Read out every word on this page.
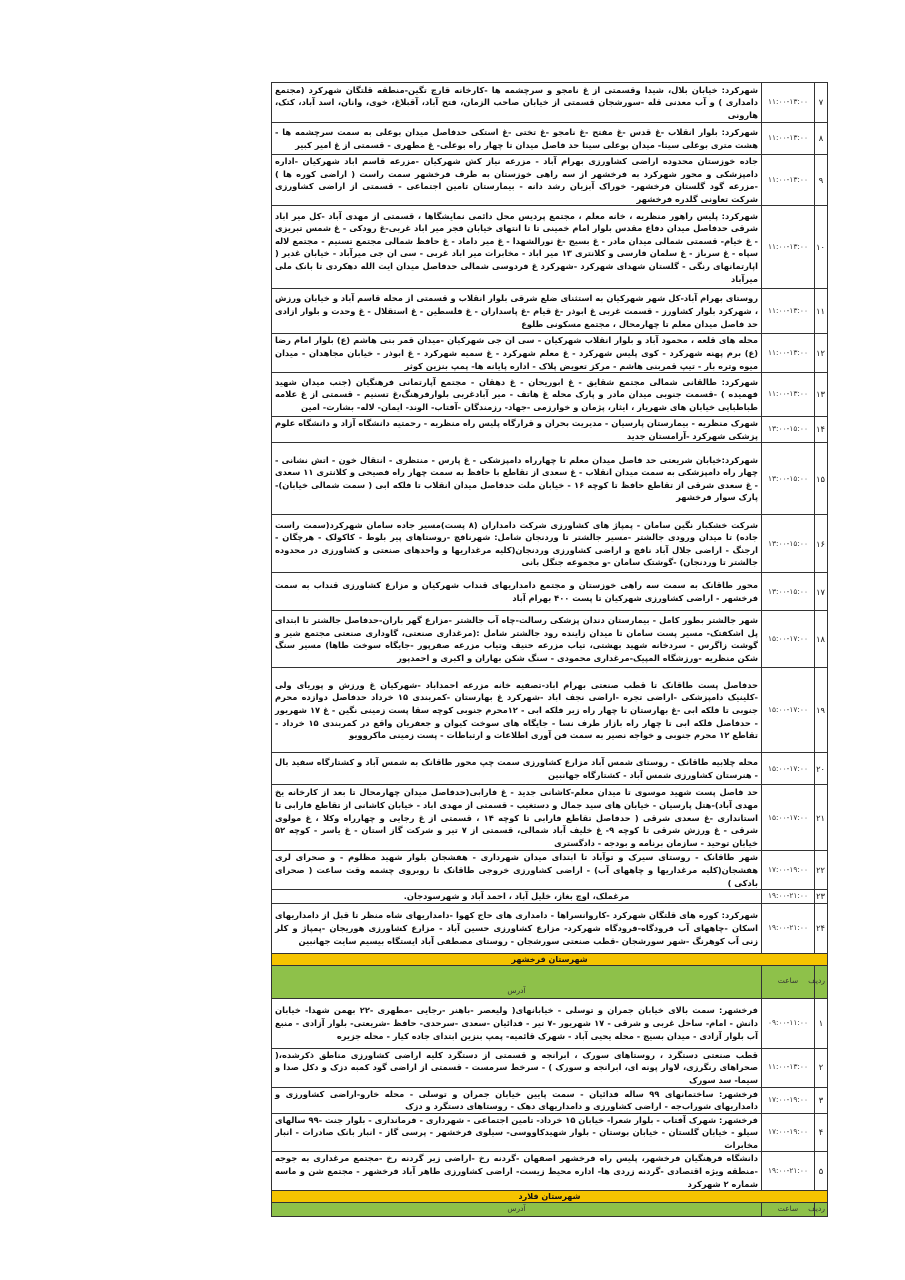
۷	۱۱:۰۰-۱۳:۰۰	شهرکرد: خیابان بلال، شیدا وقسمتی از غ نامجو و سرچشمه ها -کارخانه قارچ تگین-منطقه قلتگان شهرکرد (مجتمع دامداری ) و آب معدنی قله -سورشجان قسمتی از خیابان صاحب الزمان، فتح آباد، آقبلاغ، خوی، وانان، اسد آباد، کتک، هارونی
۸	۱۱:۰۰-۱۳:۰۰	شهرکرد: بلوار انقلاب -غ قدس -غ مفتح -غ نامجو -غ تختی -غ استکی حدفاصل میدان بوعلی به سمت سرچشمه ها - هشت متری بوعلی سینا- میدان بوعلی سینا حد فاصل میدان تا چهار راه بوعلی- غ مطهری - قسمتی از غ امیر کبیر
۹	۱۱:۰۰-۱۳:۰۰	جاده خوزستان محدوده اراضی کشاورزی بهرام آباد - مزرعه نیاز کش شهرکیان -مزرعه قاسم اباد شهرکیان -اداره دامپزشکی و محور شهرکرد به فرخشهر از سه راهی خوزستان به طرف فرخشهر سمت راست ( اراضی کوره ها ) -مزرعه گود گلستان فرخشهر- خوراک آبزیان رشد دانه - بیمارستان تامین اجتماعی - قسمتی از اراضی کشاورزی شرکت تعاونی گلدره فرخشهر
۱۰	۱۱:۰۰-۱۳:۰۰	شهرکرد: پلیس راهور منظریه ، خانه معلم ، مجتمع پردیس محل دائمی نمایشگاها ، قسمتی از مهدی آباد -کل میر اباد شرقی حدفاصل میدان دفاع مقدس بلوار امام خمینی تا تا انتهای خیابان فجر میر اباد غربی-غ رودکی - غ شمس تبریزی - غ خیام- قسمتی شمالی میدان مادر - غ بسیج -غ نورالشهدا - غ میر داماد - غ حافظ شمالی مجتمع تسنیم - مجتمع لاله سپاه - غ سرباز - غ سلمان فارسی و کلانتری ۱۳ میر اباد - مخابرات میر اباد غربی - سی ان جی میرآباد - خیابان غدیر ( اپارتمانهای رنگی - گلستان شهدای شهرکرد -شهرکرد غ فردوسی شمالی حدفاصل میدان ایت الله دهکردی تا بانک ملی میرآباد
۱۱	۱۱:۰۰-۱۳:۰۰	روستای بهرام آباد-کل شهر شهرکیان به استثنای ضلع شرقی بلوار انقلاب و قسمتی از محله قاسم آباد و خیابان ورزش ، شهرکرد بلوار کشاورز - قسمت غربی غ ابوذر -غ قیام -غ پاسداران - غ فلسطین - غ استقلال - غ وحدت و بلوار ازادی حد فاصل میدان معلم تا چهارمحال ، مجتمع مسکونی طلوع
۱۲	۱۱:۰۰-۱۳:۰۰	محله های قلعه ، محمود آباد و بلوار انقلاب شهرکیان - سی ان جی شهرکیان -میدان قمر بنی هاشم (ع) بلوار امام رضا (ع) برم پهنه شهرکرد - کوی پلیس شهرکرد - غ معلم شهرکرد - غ سمیه شهرکرد - غ ابوذر - خیابان مجاهدان - میدان میوه وتره بار - تیپ قمربنی هاشم - مرکز تعویض پلاک - اداره پایانه ها- پمپ بنزین کوثر
۱۳	۱۱:۰۰-۱۳:۰۰	شهرکرد: طالقانی شمالی مجتمع شقایق - غ ابوریحان - غ دهقان - مجتمع آپارتمانی فرهنگیان (جنب میدان شهید فهمیده ) -قسمت جنوبی میدان مادر و پارک محله غ هاتف - میر آبادغربی بلوارفرهنگ،غ تسنیم - قسمتی از غ علامه طباطبایی خیابان های شهریار ، ایثار، پژمان و خوارزمی -جهاد- رزمندگان -آفتاب- الوند- ایمان- لاله- بشارت- امین
۱۴	۱۳:۰۰-۱۵:۰۰	شهرک منظریه - بیمارستان پارسیان - مدیریت بحران و قرارگاه پلیس راه منظریه - رحمتیه دانشگاه آزاد و دانشگاه علوم پزشکی شهرکرد -آرامستان جدید
۱۵	۱۳:۰۰-۱۵:۰۰	شهرکرد:خیابان شریعتی حد فاصل میدان معلم تا چهارراه دامپزشکی - غ پارس - منتظری - انتقال خون - اتش نشانی - چهار راه دامپزشکی به سمت میدان انقلاب - غ سعدی از تقاطع با حافظ به سمت چهار راه فصیحی و کلانتری ۱۱ سعدی - غ سعدی شرقی از تقاطع حافظ تا کوچه ۱۶ - خیابان ملت حدفاصل میدان انقلاب تا فلکه ابی ( سمت شمالی خیابان)- پارک سوار فرخشهر
۱۶	۱۳:۰۰-۱۵:۰۰	شرکت خشکبار نگین سامان - پمپاژ های کشاورزی شرکت دامداران (۸ پست)مسیر جاده سامان شهرکرد(سمت راست جاده) تا میدان ورودی جالشتر -مسیر جالشتر تا وردنجان شامل: شهرنافچ -روستاهای پیر بلوط - کاکولک - هرچگان - ارجنگ - اراضی جلال آباد نافچ و اراضی کشاورزی وردنجان(کلیه مرغداریها و واحدهای صنعتی و کشاورزی در محدوده جالشتر تا وردنجان) -گوشتک سامان -و مجموعه جنگل بانی
۱۷	۱۳:۰۰-۱۵:۰۰	محور طاقانک به سمت سه راهی خوزستان و مجتمع دامداریهای قنداب شهرکیان و مزارع کشاورزی قنداب به سمت فرخشهر - اراضی کشاورزی شهرکیان تا پست ۴۰۰ بهرام آباد
۱۸	۱۵:۰۰-۱۷:۰۰	شهر جالشتر بطور کامل - بیمارستان دندان پزشکی رسالت-چاه آب جالشتر -مزارع گهر باران-حدفاصل جالشتر تا ابتدای پل اشکفتک- مسیر پست سامان تا میدان زاینده رود جالشتر شامل :(مرغداری صنعتی، گاوداری صنعتی مجتمع شیر و گوشت زاگرس - سردخانه شهید بهشتی، تیاب مزرعه حنیف وتیاب مزرعه صفرپور -جایگاه سوخت طاها) مسیر سنگ شکن منظریه -ورزشگاه المپیک-مرغداری محمودی - سنگ شکن بهاران و اکبری و احمدپور
۱۹	۱۵:۰۰-۱۷:۰۰	حدفاصل پست طاقانک تا قطب صنعتی بهرام اباد-تصفیه خانه مزرعه احمداباد -شهرکیان غ ورزش و پوریای ولی -کلینیک دامپزشکی -اراضی تجره -اراضی نجف اباد -شهرکرد غ بهارستان -کمربندی ۱۵ خرداد حدفاصل دوازده محرم جنوبی تا فلکه ابی -غ بهارستان تا چهار راه زیر فلکه ابی - ۱۲محرم جنوبی کوچه سقا پست زمینی نگین - غ ۱۷ شهریور - حدفاصل فلکه ابی تا چهار راه بازار طرف نسا - جایگاه های سوخت کیوان و جعفریان واقع در کمربندی ۱۵ خرداد - تقاطع ۱۲ محرم جنوبی و خواجه نصیر به سمت فن آوری اطلاعات و ارتباطات - پست زمینی ماکروویو
۲۰	۱۵:۰۰-۱۷:۰۰	محله چلابیه طاقانک - روستای شمس آباد مزارع کشاورزی سمت چپ محور طاقانک به شمس آباد و کشتارگاه سفید بال - هنرستان کشاورزی شمس آباد - کشتارگاه جهانبین
۲۱	۱۵:۰۰-۱۷:۰۰	حد فاصل پست شهید موسوی تا میدان معلم-کاشانی جدید - غ فارابی(حدفاصل میدان چهارمحال تا بعد از کارخانه یخ مهدی آباد)-هتل پارسیان - خیابان های سید جمال و دستغیب - قسمتی از مهدی اباد - خیابان کاشانی از تقاطع فارابی تا استانداری -غ سعدی شرقی ( حدفاصل تقاطع فارابی تا کوچه ۱۴ ، قسمتی از غ رجایی و چهارراه وکلا ، غ مولوی شرقی - غ ورزش شرقی تا کوچه ۹- غ خلیف آباد شمالی، قسمتی از ۷ تیر و شرکت گاز استان - غ یاسر - کوچه ۵۲ خیابان توحید - سازمان برنامه و بودجه - دادگستری
۲۲	۱۷:۰۰-۱۹:۰۰	شهر طاقانک - روستای سیرک و توآباد تا ابتدای میدان شهرداری - هفشجان بلوار شهید مظلوم - و صحرای لری هفشجان(کلیه مرغداریها و چاههای آب) - اراضی کشاورزی خروجی طاقانک تا روبروی چشمه وقت ساعت ( صحرای بادکی )
۲۳	۱۹:۰۰-۲۱:۰۰	مرغملک، اوچ بغاز، خلیل آباد ، احمد آباد و شهرسودجان.
۲۴	۱۹:۰۰-۲۱:۰۰	شهرکرد: کوره های قلتگان شهرکرد -کاروانسراها - دامداری های حاج کهوا -دامداریهای شاه منظر تا قبل از دامداریهای اسکان -چاههای آب فرودگاه-فرودگاه شهرکرد- مزارع کشاورزی حسین آباد - مزارع کشاورزی هوریجان -پمپاژ و کلر زنی آب کوهرنگ -شهر سورشجان -قطب صنعتی سورشجان - روستای مصطفی آباد ایستگاه بیسیم سایت جهانبین
شهرستان فرخشهر		
ردیف	ساعت	آدرس
۱	۰۹:۰۰-۱۱:۰۰	فرخشهر: سمت بالای خیابان جمران و توسلی - خیابانهای( ولیعصر -باهنر -رجایی -مطهری -۲۲ بهمن شهدا- خیابان دانش - امام- ساحل غربی و شرقی - ۱۷ شهریور -۷ تیر - فدائیان -سعدی -سرحدی- حافظ -شریعتی- بلوار آزادی - منبع آب بلوار آزادی - میدان بسیج - محله یحیی آباد - شهرک قائمیه- پمپ بنزین ابتدای جاده کیار - محله جزیره
۲	۱۱:۰۰-۱۳:۰۰	قطب صنعتی دستگرد ، روستاهای سورک ، ابرانجه و قسمتی از دستگرد کلیه اراضی کشاورزی مناطق ذکرشده،( صحراهای رنگرزی، لاوار پونه ای، ابرانجه و سورک ) - سرخط سرمست - قسمتی از اراضی گود کمبه دزک و دکل صدا و سیما- سد سورک
۳	۱۷:۰۰-۱۹:۰۰	فرخشهر: ساختمانهای ۹۹ ساله فدائیان - سمت پایین خیابان جمران و توسلی - محله خارو-اراضی کشاورزی و دامداریهای شوراب‌جه - اراضی کشاورزی و دامداریهای دهک - روستاهای دستگرد و دزک
۴	۱۷:۰۰-۱۹:۰۰	فرخشهر: شهرک آفتاب - بلوار شعرا- خیابان ۱۵ خرداد- تامین اجتماعی - شهرداری - فرمانداری - بلوار جنت -۹۹ سالهای سیلو - خیابان گلستان - خیابان بوستان - بلوار شهیدکاووسی- سیلوی فرخشهر - پرسی گاز - انبار بانک صادرات - انبار مخابرات
۵	۱۹:۰۰-۲۱:۰۰	دانشگاه فرهنگیان فرخشهر، پلیس راه فرخشهر اصفهان -گردنه رخ -اراضی زیر گردنه رخ -مجتمع مرغداری به جوجه -منطقه ویژه اقتصادی -گردنه زردی ها- اداره محیط زیست- اراضی کشاورزی طاهر آباد فرخشهر - مجتمع شن و ماسه شماره ۲ شهرکرد
شهرستان فلارد		
ردیف	ساعت	آدرس
